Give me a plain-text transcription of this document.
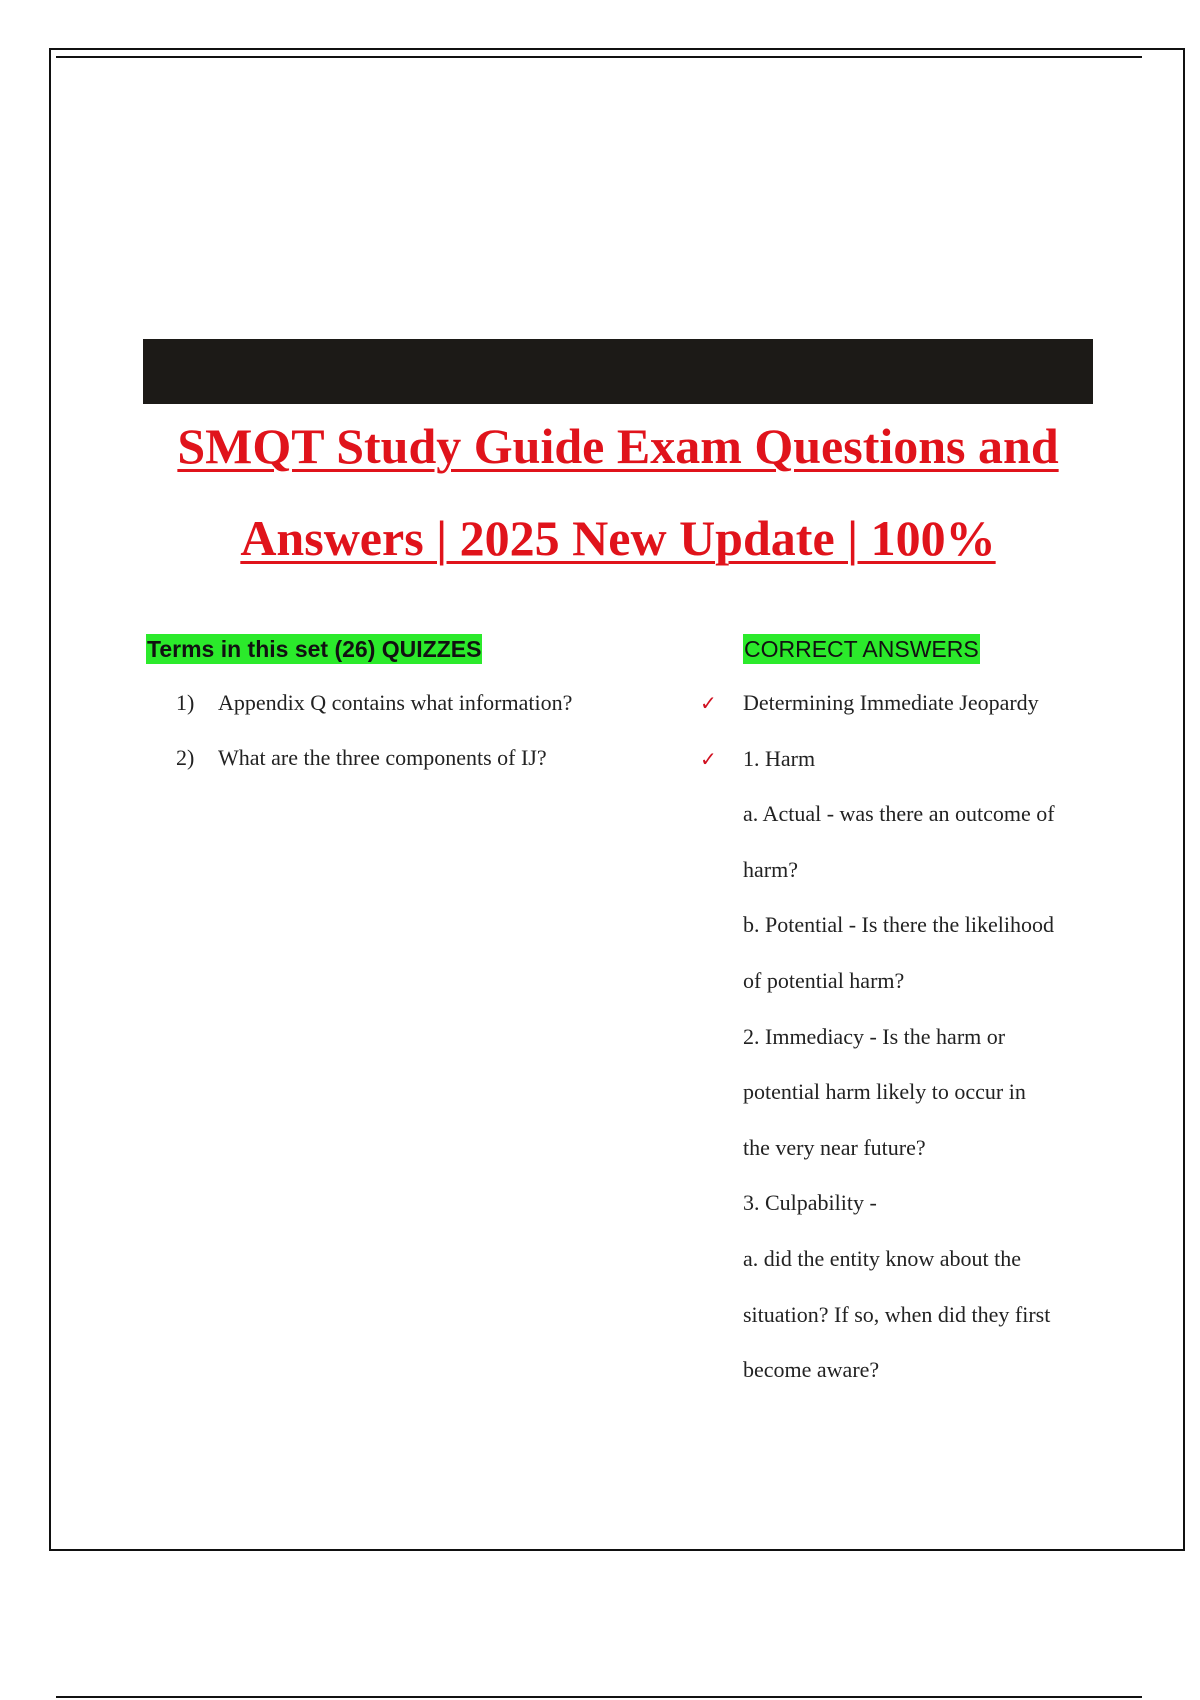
SMQT Study Guide Exam Questions and
Answers | 2025 New Update | 100%
Terms in this set (26) QUIZZES	CORRECT ANSWERS
1)	Appendix Q contains what information?
2)	What are the three components of IJ?
✓	Determining Immediate Jeopardy
✓	1. Harm
a. Actual - was there an outcome of
harm?
b. Potential - Is there the likelihood
of potential harm?
2. Immediacy - Is the harm or
potential harm likely to occur in
the very near future?
3. Culpability -
a. did the entity know about the
situation? If so, when did they first
become aware?
